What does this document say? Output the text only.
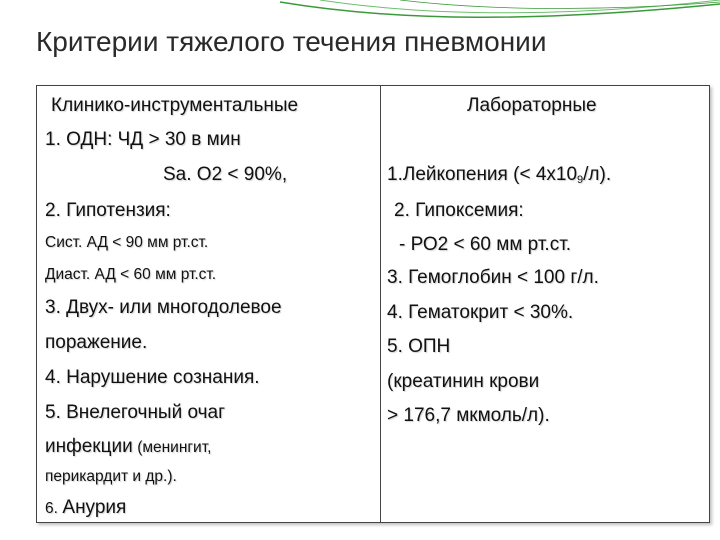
Критерии тяжелого течения пневмонии
Клинико-инструментальные
1. ОДН: ЧД > 30 в мин
Sa. O2 < 90%,
2. Гипотензия:
Сист. АД < 90 мм рт.ст.
Диаст. АД < 60 мм рт.ст.
3. Двух- или многодолевое
поражение.
4. Нарушение сознания.
5. Внелегочный очаг
инфекции (менингит,
перикардит и др.).
6. Анурия
Лабораторные
1.Лейкопения (< $4х10^9/л$).
2. Гипоксемия:
- РО2 < 60 мм рт.ст.
3. Гемоглобин < 100 г/л.
4. Гематокрит < 30%.
5. ОПН
(креатинин крови
> 176,7 мкмоль/л).
